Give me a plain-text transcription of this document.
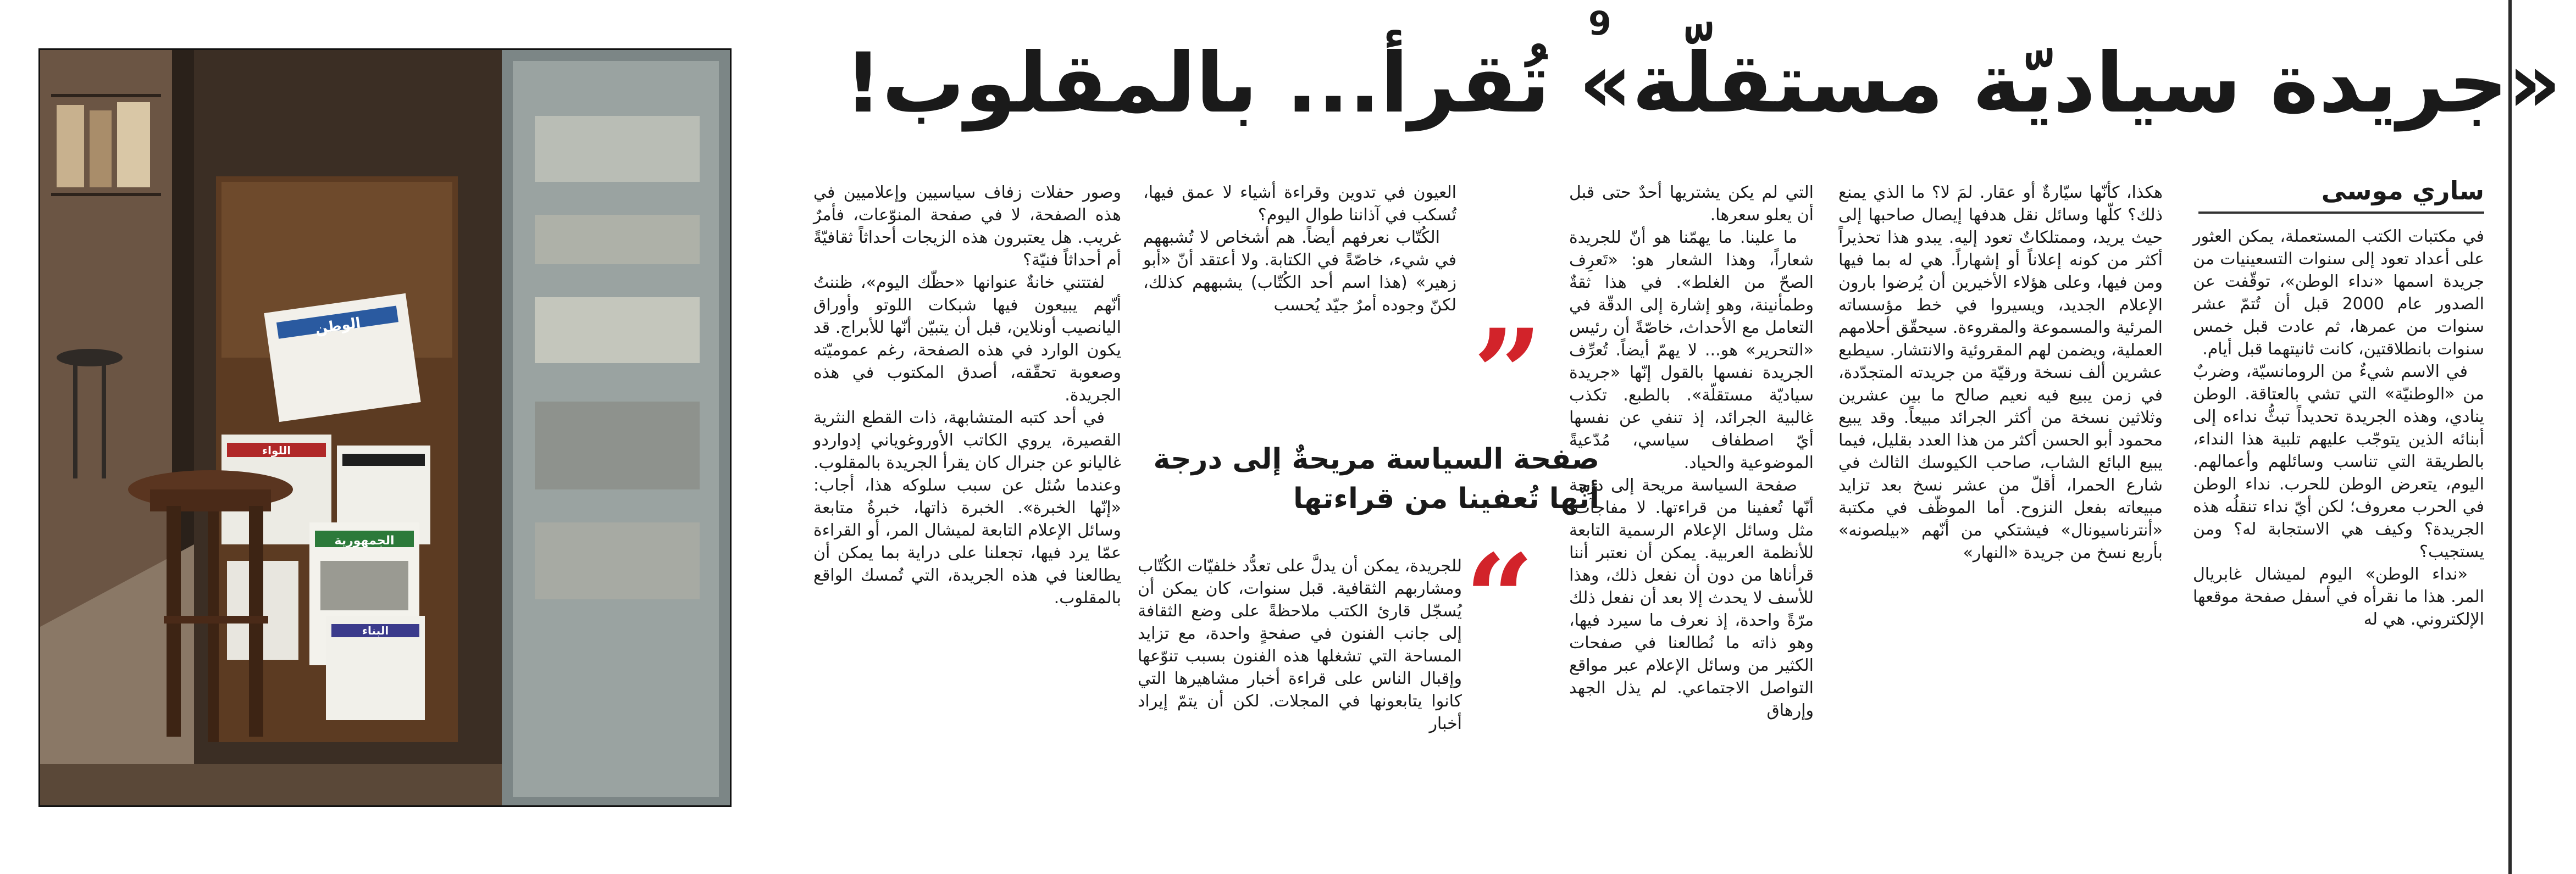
«جريدة سياديّة مستقلّة» تُقرأ... بالمقلوب!
9
ساري موسى

في مكتبات الكتب المستعملة، يمكن العثور على أعداد تعود إلى سنوات التسعينيات من جريدة اسمها «نداء الوطن»، توقّفت عن الصدور عام 2000 قبل أن تُتمّ عشر سنوات من عمرها، ثم عادت قبل خمس سنوات بانطلاقتين، كانت ثانيتهما قبل أيام.

في الاسم شيءٌ من الرومانسيّة، وضربٌ من «الوطنيّة» التي تشي بالعتاقة. الوطن ينادي، وهذه الجريدة تحديداً تبثُّ نداءه إلى أبنائه الذين يتوجّب عليهم تلبية هذا النداء، بالطريقة التي تناسب وسائلهم وأعمالهم. اليوم، يتعرض الوطن للحرب. نداء الوطن في الحرب معروف؛ لكن أيّ نداء تنقلُه هذه الجريدة؟ وكيف هي الاستجابة له؟ ومن يستجيب؟

«نداء الوطن» اليوم لميشال غابريال المر. هذا ما نقرأه في أسفل صفحة موقعها الإلكتروني. هي له

هكذا، كأنّها سيّارةٌ أو عقار. لمَ لا؟ ما الذي يمنع ذلك؟ كلّها وسائل نقل هدفها إيصال صاحبها إلى حيث يريد، وممتلكاتٌ تعود إليه. يبدو هذا تحذيراً أكثر من كونه إعلاناً أو إشهاراً. هي له بما فيها ومن فيها، وعلى هؤلاء الأخيرين أن يُرضوا بارون الإعلام الجديد، ويسيروا في خط مؤسساته المرئية والمسموعة والمقروءة. سيحقّق أحلامهم العملية، ويضمن لهم المقروئية والانتشار. سيطبع عشرين ألف نسخة ورقيّة من جريدته المتجدّدة، في زمن يبيع فيه نعيم صالح ما بين عشرين وثلاثين نسخة من أكثر الجرائد مبيعاً. وقد يبيع محمود أبو الحسن أكثر من هذا العدد بقليل، فيما يبيع البائع الشاب، صاحب الكيوسك الثالث في شارع الحمرا، أقلّ من عشر نسخ بعد تزايد مبيعاته بفعل النزوح. أما الموظّف في مكتبة «أنترناسيونال» فيشتكي من أنّهم «بيلصونه» بأربع نسخ من جريدة «النهار»

التي لم يكن يشتريها أحدٌ حتى قبل أن يعلو سعرها.

ما علينا. ما يهمّنا هو أنّ للجريدة شعاراً، وهذا الشعار هو: «تَعرِف الصحّ من الغلط». في هذا ثقةٌ وطمأنينة، وهو إشارة إلى الدقّة في التعامل مع الأحداث، خاصّةً أن رئيس «التحرير» هو... لا يهمّ أيضاً. تُعرِّف الجريدة نفسها بالقول إنّها «جريدة سياديّة مستقلّة». بالطبع. تكذب غالبية الجرائد، إذ تنفي عن نفسها أيّ اصطفاف سياسي، مُدّعيةً الموضوعية والحياد.

صفحة السياسة مريحة إلى درجة أنّها تُعفينا من قراءتها. لا مفاجآت، مثل وسائل الإعلام الرسمية التابعة للأنظمة العربية. يمكن أن نعتبر أننا قرأناها من دون أن نفعل ذلك، وهذا للأسف لا يحدث إلا بعد أن نفعل ذلك مرّةً واحدة، إذ نعرف ما سيرد فيها، وهو ذاته ما نُطالعنا في صفحات الكثير من وسائل الإعلام عبر مواقع التواصل الاجتماعي. لم يذل الجهد وإرهاق

العيون في تدوين وقراءة أشياء لا عمق فيها، تُسكب في آذاننا طوال اليوم؟

الكُتّاب نعرفهم أيضاً. هم أشخاص لا تُشبههم في شيء، خاصّةً في الكتابة. ولا أعتقد أنّ «أبو زهير» (هذا اسم أحد الكُتّاب) يشبههم كذلك، لكنّ وجوده أمرٌ جيّد يُحسب ”
صفحة السياسة مريحةٌ إلى درجة
أنّها تُعفينا من قراءتها
“

للجريدة، يمكن أن يدلَّ على تعدُّد خلفيّات الكُتّاب ومشاربهم الثقافية. قبل سنوات، كان يمكن أن يُسجّل قارئ الكتب ملاحظةً على وضع الثقافة إلى جانب الفنون في صفحةٍ واحدة، مع تزايد المساحة التي تشغلها هذه الفنون بسبب تنوّعها وإقبال الناس على قراءة أخبار مشاهيرها التي كانوا يتابعونها في المجلات. لكن أن يتمّ إيراد أخبار

وصور حفلات زفاف سياسيين وإعلاميين في هذه الصفحة، لا في صفحة المنوّعات، فأمرٌ غريب. هل يعتبرون هذه الزيجات أحداثاً ثقافيّةً أم أحداثاً فنيّة؟

لفتتني خانةٌ عنوانها «حظّك اليوم»، ظننتُ أنّهم يبيعون فيها شبكات اللوتو وأوراق اليانصيب أونلاين، قبل أن يتبيّن أنّها للأبراج. قد يكون الوارد في هذه الصفحة، رغم عموميّته وصعوبة تحقّقه، أصدق المكتوب في هذه الجريدة.

في أحد كتبه المتشابهة، ذات القطع النثرية القصيرة، يروي الكاتب الأوروغوياني إدواردو غاليانو عن جنرال كان يقرأ الجريدة بالمقلوب. وعندما سُئل عن سبب سلوكه هذا، أجاب: «إنّها الخبرة». الخبرة ذاتها، خبرةُ متابعة وسائل الإعلام التابعة لميشال المر، أو القراءة عمّا يرد فيها، تجعلنا على دراية بما يمكن أن يطالعنا في هذه الجريدة، التي تُمسك الواقع بالمقلوب.

الوطن
اللواء
الجمهورية
البناء
